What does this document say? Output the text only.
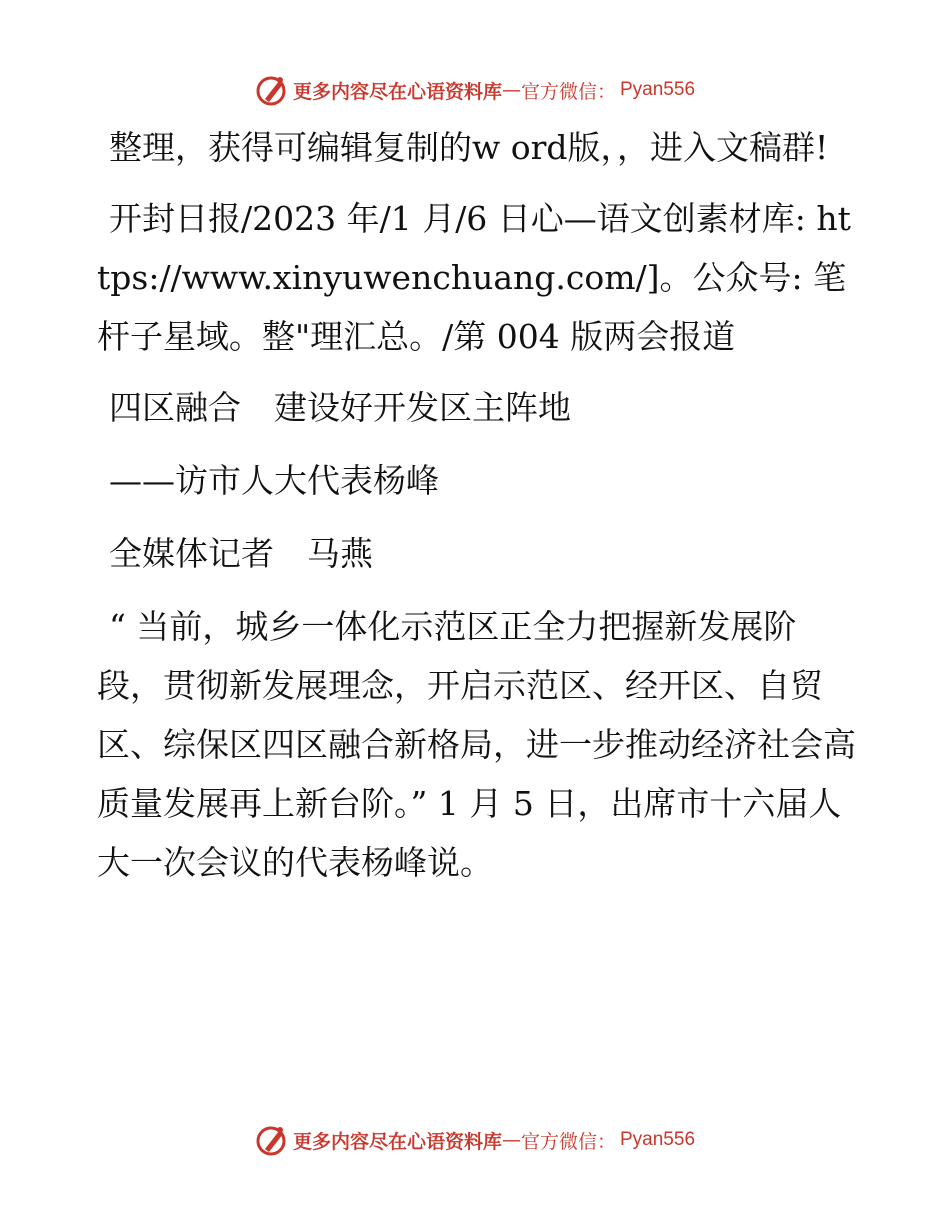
更多内容尽在心语资料库 — 官方微信： Pyan556

整理，获得可编辑复制的w ord版，，进入文稿群!

开封日报/2023 年/1 月/6 日心—语文创素材库: https://www.xinyuwenchuang.com/]。公众号: 笔杆子星域。整"理汇总。/第 004 版两会报道

四区融合　建设好开发区主阵地

——访市人大代表杨峰

全媒体记者　马燕

“ 当前，城乡一体化示范区正全力把握新发展阶段，贯彻新发展理念，开启示范区、经开区、自贸区、综保区四区融合新格局，进一步推动经济社会高质量发展再上新台阶。” 1 月 5 日，出席市十六届人大一次会议的代表杨峰说。

更多内容尽在心语资料库 — 官方微信： Pyan556
